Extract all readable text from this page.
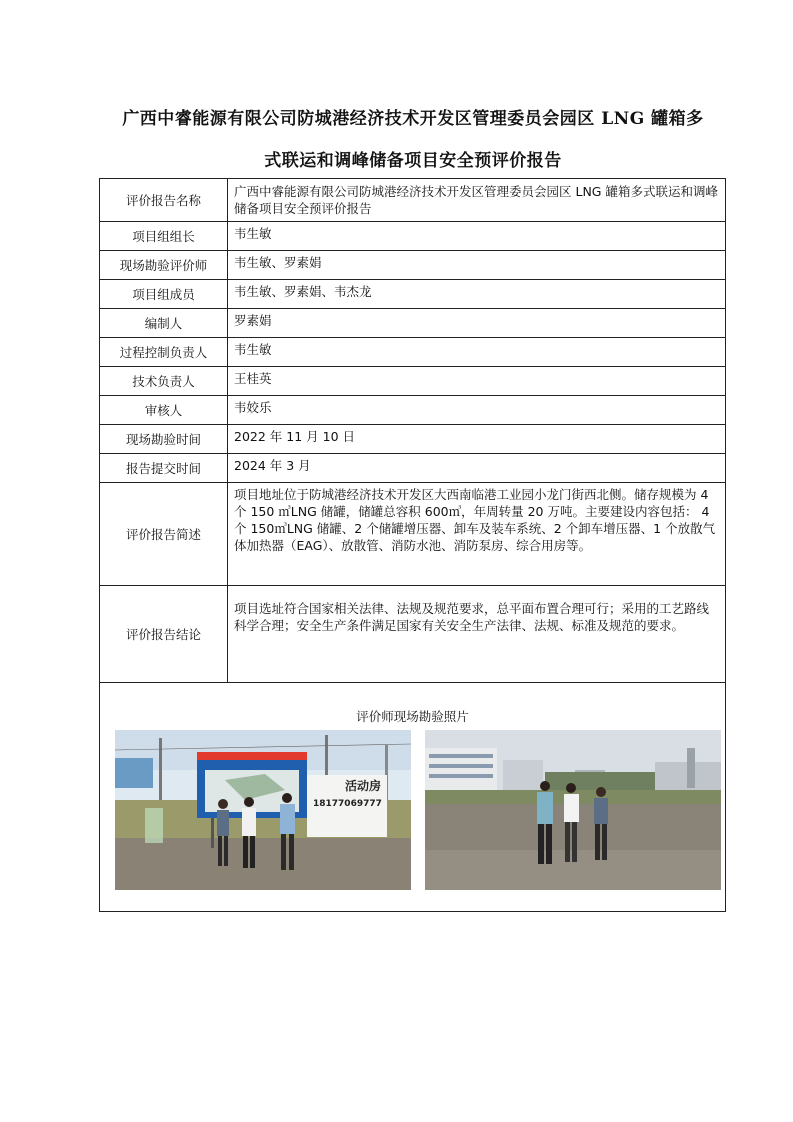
广西中睿能源有限公司防城港经济技术开发区管理委员会园区 LNG 罐箱多
式联运和调峰储备项目安全预评价报告
评价报告名称	广西中睿能源有限公司防城港经济技术开发区管理委员会园区 LNG 罐箱多式联运和调峰储备项目安全预评价报告
项目组组长	韦生敏
现场勘验评价师	韦生敏、罗素娟
项目组成员	韦生敏、罗素娟、韦杰龙
编制人	罗素娟
过程控制负责人	韦生敏
技术负责人	王桂英
审核人	韦姣乐
现场勘验时间	2022 年 11 月 10 日
报告提交时间	2024 年 3 月
评价报告简述	项目地址位于防城港经济技术开发区大西南临港工业园小龙门街西北侧。储存规模为 4 个 150 ㎥LNG 储罐，储罐总容积 600㎥，年周转量 20 万吨。主要建设内容包括： 4 个 150㎥LNG 储罐、2 个储罐增压器、卸车及装车系统、2 个卸车增压器、1 个放散气体加热器（EAG）、放散管、消防水池、消防泵房、综合用房等。
评价报告结论	项目选址符合国家相关法律、法规及规范要求，总平面布置合理可行；采用的工艺路线科学合理；安全生产条件满足国家有关安全生产法律、法规、标准及规范的要求。

评价师现场勘验照片
活动房
18177069777	
